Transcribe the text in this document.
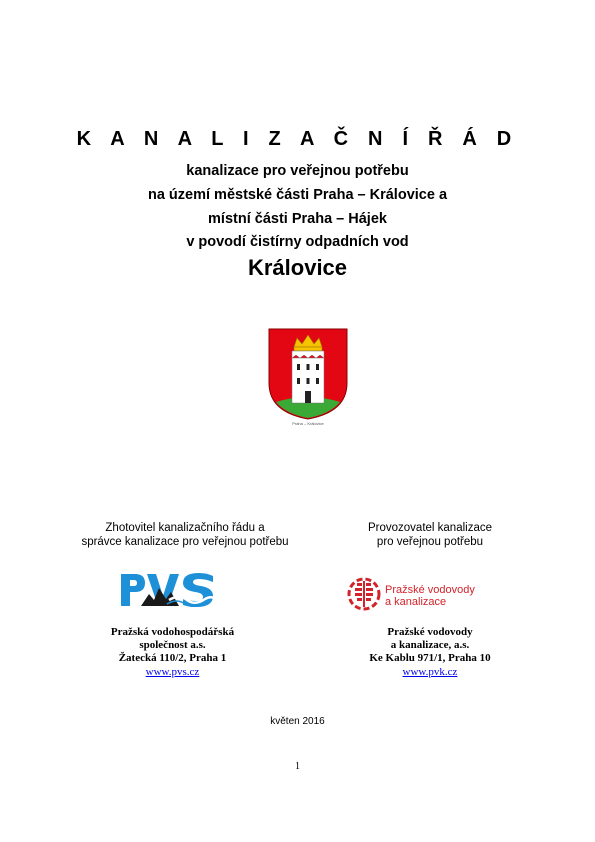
K A N A L I Z A Č N Í Ř Á D
kanalizace pro veřejnou potřebu
na území městské části Praha – Královice a
místní části Praha – Hájek
v povodí čistírny odpadních vod
Královice
Praha – Královice
Zhotovitel kanalizačního řádu a
správce kanalizace pro veřejnou potřebu
Provozovatel kanalizace
pro veřejnou potřebu
Pražské vodovody
a kanalizace
Pražská vodohospodářská
společnost a.s.
Žatecká 110/2, Praha 1
www.pvs.cz
Pražské vodovody
a kanalizace, a.s.
Ke Kablu 971/1, Praha 10
www.pvk.cz
květen 2016
1
